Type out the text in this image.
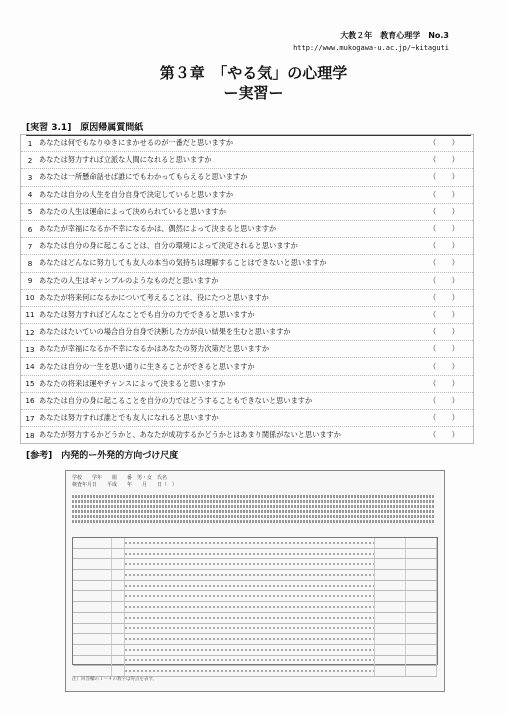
大教２年　教育心理学　No.3
http://www.mukogawa-u.ac.jp/~kitaguti
第３章　「やる気」の心理学
ー実習ー
[実習 3.1]　原因帰属質問紙
1 あなたは何でもなりゆきにまかせるのが一番だと思いますか	（ ）
2 あなたは努力すれば立派な人間になれると思いますか	（ ）
3 あなたは一所懸命話せば誰にでもわかってもらえると思いますか	（ ）
4 あなたは自分の人生を自分自身で決定していると思いますか	（ ）
5 あなたの人生は運命によって決められていると思いますか	（ ）
6 あなたが幸福になるか不幸になるかは、偶然によって決まると思いますか	（ ）
7 あなたは自分の身に起こることは、自分の環境によって決定されると思いますか	（ ）
8 あなたはどんなに努力しても友人の本当の気持ちは理解することはできないと思いますか	（ ）
9 あなたの人生はギャンブルのようなものだと思いますか	（ ）
10 あなたが将来何になるかについて考えることは、役にたつと思いますか	（ ）
11 あなたは努力すればどんなことでも自分の力でできると思いますか	（ ）
12 あなたはたいていの場合自分自身で決断した方が良い結果を生むと思いますか	（ ）
13 あなたが幸福になるか不幸になるかはあなたの努力次第だと思いますか	（ ）
14 あなたは自分の一生を思い通りに生きることができると思いますか	（ ）
15 あなたの将来は運やチャンスによって決まると思いますか	（ ）
16 あなたは自分の身に起こることを自分の力ではどうすることもできないと思いますか	（ ）
17 あなたは努力すれば誰とでも友人になれると思いますか	（ ）
18 あなたが努力するかどうかと、あなたが成功するかどうかとはあまり関係がないと思いますか	（ ）
[参考]　内発的ー外発的方向づけ尺度
学校　　学年　　組　　番　男・女　氏名
検査年月日　　平成　　年　　月　　日（　）
注）回答欄の１～４の数字は得点を表す。
